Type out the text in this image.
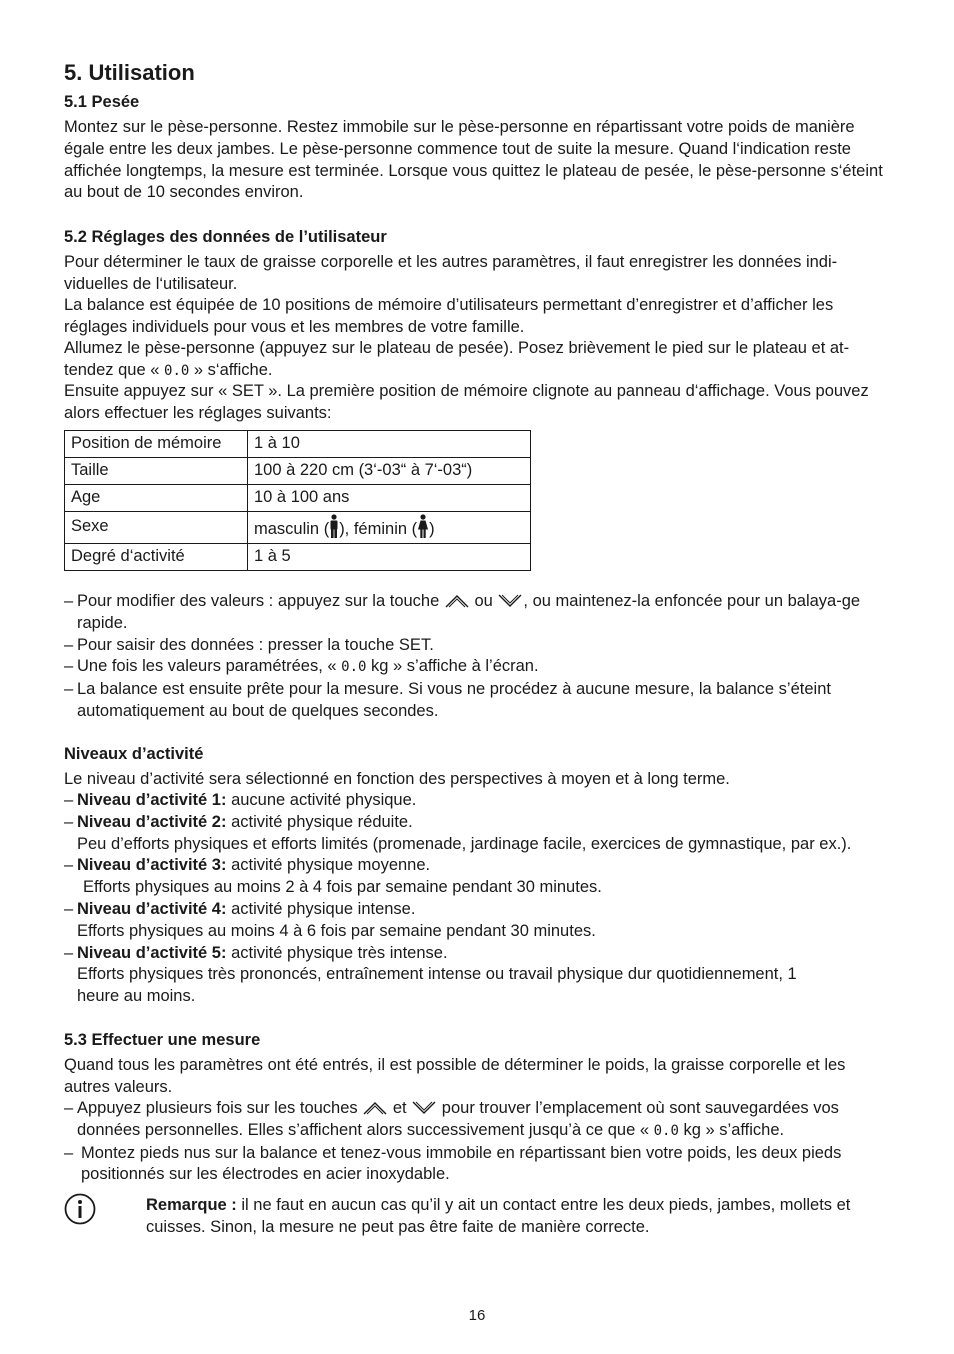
5. Utilisation
5.1 Pesée

Montez sur le pèse-personne. Restez immobile sur le pèse-personne en répartissant votre poids de manière égale entre les deux jambes. Le pèse-personne commence tout de suite la mesure. Quand l‘indication reste affichée longtemps, la mesure est terminée. Lorsque vous quittez le plateau de pesée, le pèse-personne s‘éteint au bout de 10 secondes environ.

5.2 Réglages des données de l’utilisateur

Pour déterminer le taux de graisse corporelle et les autres paramètres, il faut enregistrer les données indi-viduelles de l‘utilisateur.

La balance est équipée de 10 positions de mémoire d’utilisateurs permettant d’enregistrer et d’afficher les réglages individuels pour vous et les membres de votre famille.

Allumez le pèse-personne (appuyez sur le plateau de pesée). Posez brièvement le pied sur le plateau et at-tendez que « 0.0 » s‘affiche.

Ensuite appuyez sur « SET ». La première position de mémoire clignote au panneau d‘affichage. Vous pouvez alors effectuer les réglages suivants:

Position de mémoire	1 à 10
Taille	100 à 220 cm (3‘-03“ à 7‘-03“)
Age	10 à 100 ans
Sexe	masculin ( ), féminin ( )
Degré d‘activité	1 à 5
– Pour modifier des valeurs : appuyez sur la touche ou , ou maintenez-la enfoncée pour un balaya-ge rapide.
– Pour saisir des données : presser la touche SET.
– Une fois les valeurs paramétrées, « 0.0 kg » s’affiche à l’écran.
– La balance est ensuite prête pour la mesure. Si vous ne procédez à aucune mesure, la balance s’éteint automatiquement au bout de quelques secondes.
Niveaux d’activité

Le niveau d’activité sera sélectionné en fonction des perspectives à moyen et à long terme.

– Niveau d’activité 1: aucune activité physique.
– Niveau d’activité 2: activité physique réduite.
Peu d’efforts physiques et efforts limités (promenade, jardinage facile, exercices de gymnastique, par ex.).
– Niveau d’activité 3: activité physique moyenne.
Efforts physiques au moins 2 à 4 fois par semaine pendant 30 minutes.
– Niveau d’activité 4: activité physique intense.
Efforts physiques au moins 4 à 6 fois par semaine pendant 30 minutes.
– Niveau d’activité 5: activité physique très intense.
Efforts physiques très prononcés, entraînement intense ou travail physique dur quotidiennement, 1 heure au moins.
5.3 Effectuer une mesure

Quand tous les paramètres ont été entrés, il est possible de déterminer le poids, la graisse corporelle et les autres valeurs.

– Appuyez plusieurs fois sur les touches et pour trouver l’emplacement où sont sauvegardées vos données personnelles. Elles s’affichent alors successivement jusqu’à ce que « 0.0 kg » s’affiche.
– Montez pieds nus sur la balance et tenez-vous immobile en répartissant bien votre poids, les deux pieds positionnés sur les électrodes en acier inoxydable.

Remarque : il ne faut en aucun cas qu’il y ait un contact entre les deux pieds, jambes, mollets et cuisses. Sinon, la mesure ne peut pas être faite de manière correcte.

16
